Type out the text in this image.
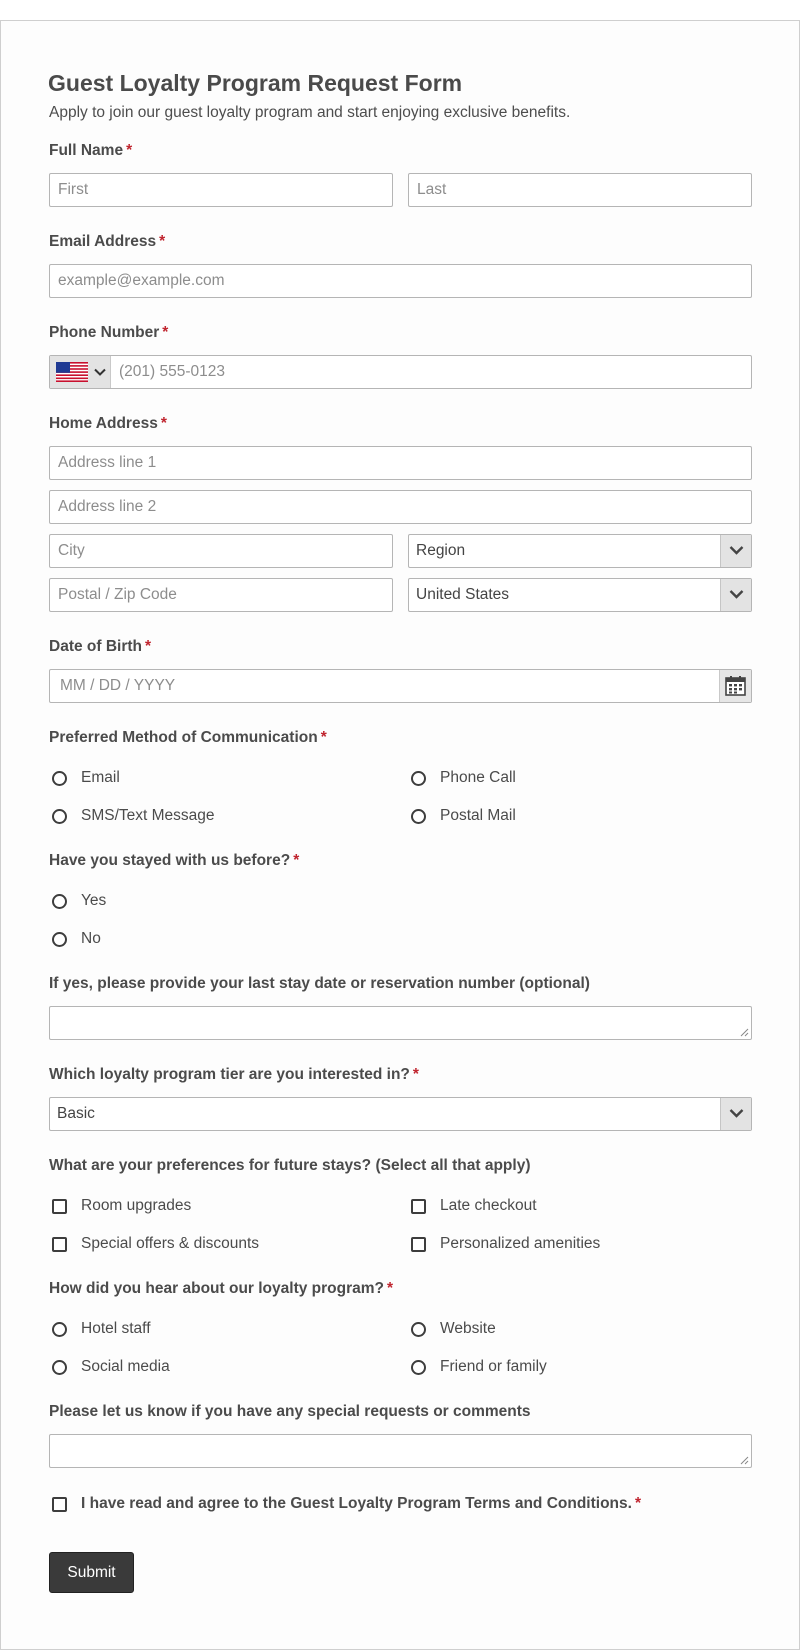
Guest Loyalty Program Request Form
Apply to join our guest loyalty program and start enjoying exclusive benefits.
Full Name *
First
Last
Email Address *
example@example.com
Phone Number *
(201) 555-0123
Home Address *
Address line 1
Address line 2
City
Region
Postal / Zip Code
United States
Date of Birth *
MM / DD / YYYY
Preferred Method of Communication *
Email	Phone Call
SMS/Text Message	Postal Mail
Have you stayed with us before? *
Yes
No
If yes, please provide your last stay date or reservation number (optional)
Which loyalty program tier are you interested in? *
Basic
What are your preferences for future stays? (Select all that apply)
Room upgrades	Late checkout
Special offers & discounts	Personalized amenities
How did you hear about our loyalty program? *
Hotel staff	Website
Social media	Friend or family
Please let us know if you have any special requests or comments
I have read and agree to the Guest Loyalty Program Terms and Conditions. *
Submit
